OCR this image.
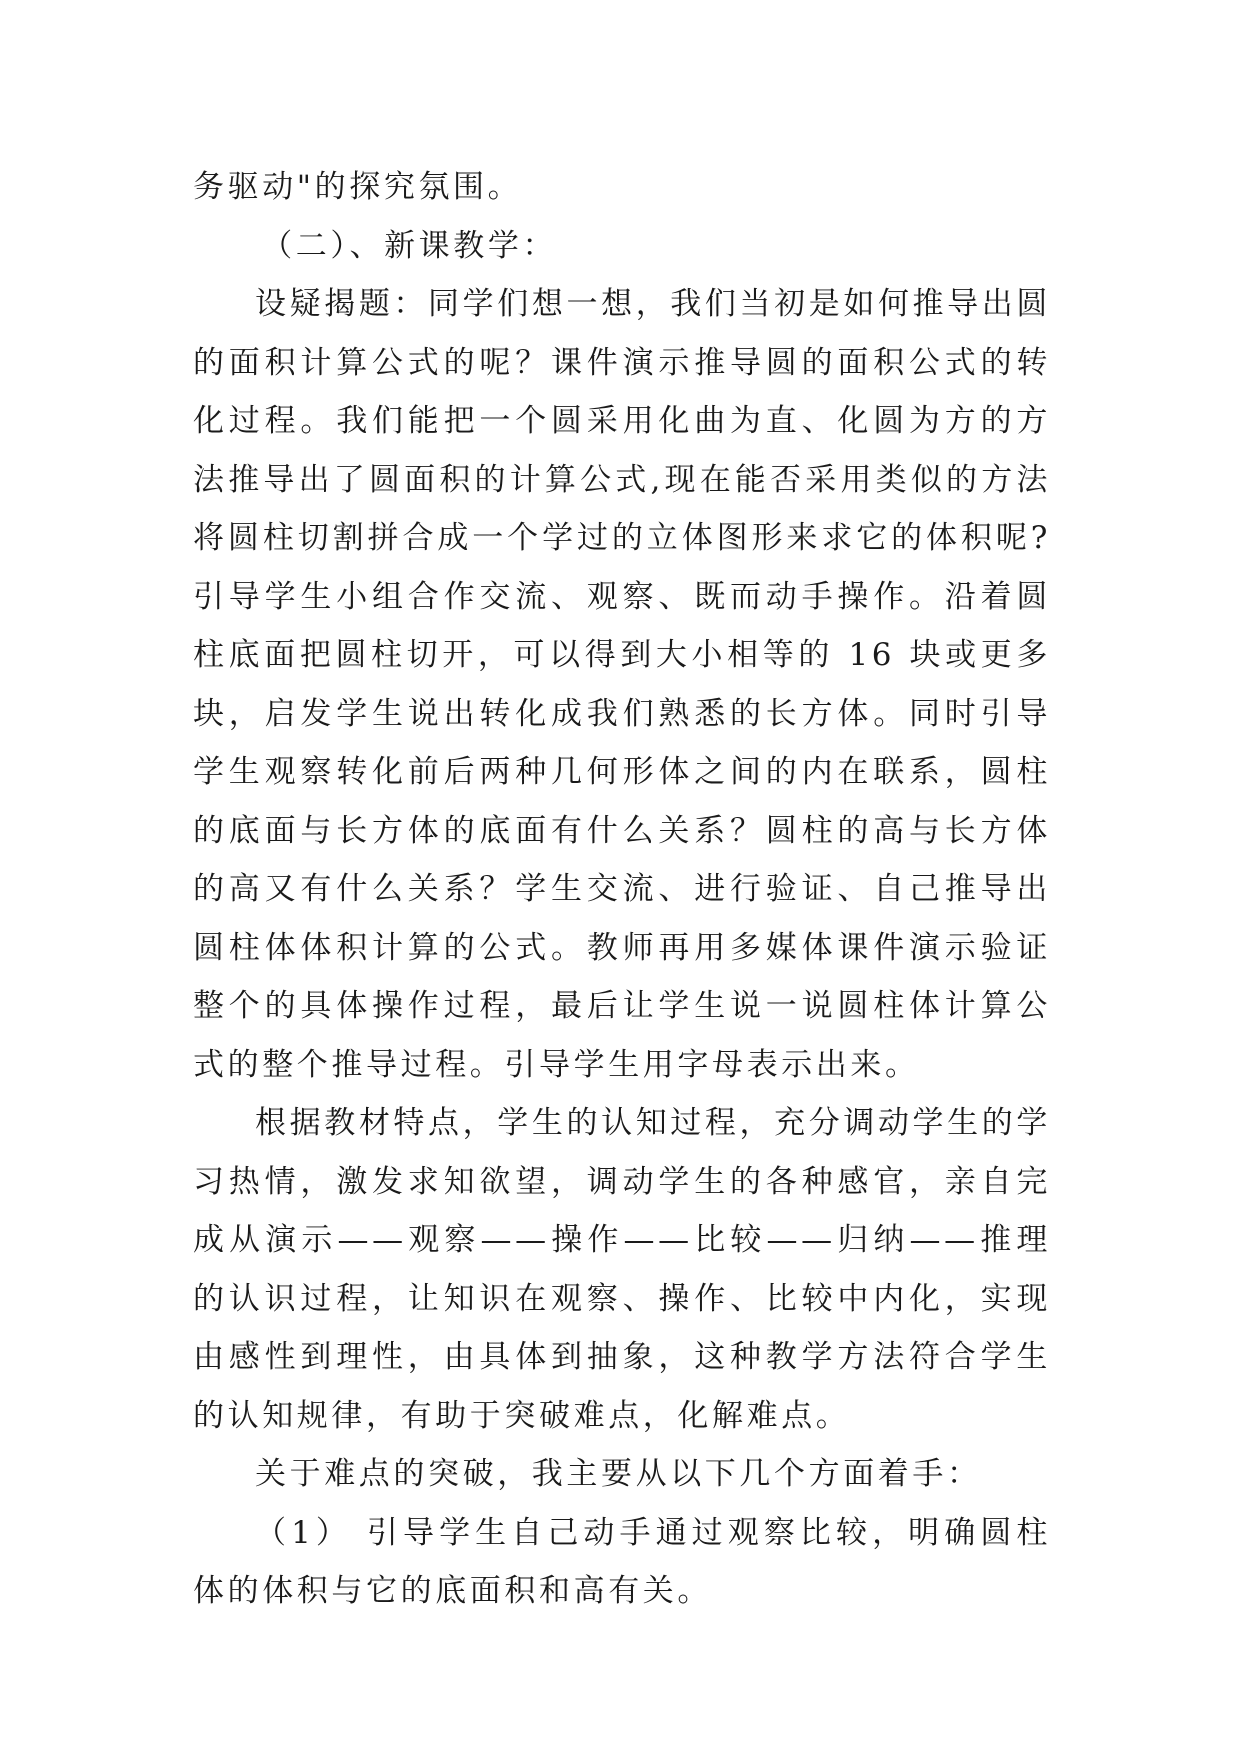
务驱动"的探究氛围。

（二）、新课教学：

设疑揭题：同学们想一想，我们当初是如何推导出圆的面积计算公式的呢？课件演示推导圆的面积公式的转化过程。我们能把一个圆采用化曲为直、化圆为方的方法推导出了圆面积的计算公式,现在能否采用类似的方法将圆柱切割拼合成一个学过的立体图形来求它的体积呢?引导学生小组合作交流、观察、既而动手操作。沿着圆柱底面把圆柱切开，可以得到大小相等的 16 块或更多块，启发学生说出转化成我们熟悉的长方体。同时引导学生观察转化前后两种几何形体之间的内在联系，圆柱的底面与长方体的底面有什么关系？圆柱的高与长方体的高又有什么关系？学生交流、进行验证、自己推导出圆柱体体积计算的公式。教师再用多媒体课件演示验证整个的具体操作过程，最后让学生说一说圆柱体计算公式的整个推导过程。引导学生用字母表示出来。

根据教材特点，学生的认知过程，充分调动学生的学习热情，激发求知欲望，调动学生的各种感官，亲自完成从演示——观察——操作——比较——归纳——推理的认识过程，让知识在观察、操作、比较中内化，实现由感性到理性，由具体到抽象，这种教学方法符合学生的认知规律，有助于突破难点，化解难点。

关于难点的突破，我主要从以下几个方面着手：

（1） 引导学生自己动手通过观察比较，明确圆柱体的体积与它的底面积和高有关。
